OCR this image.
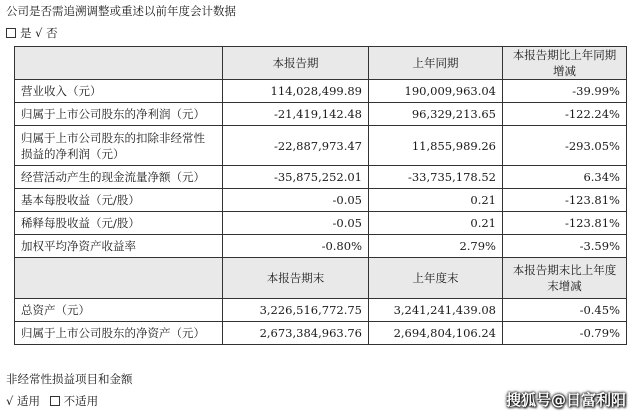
公司是否需追溯调整或重述以前年度会计数据
是 √ 否
	本报告期	上年同期	本报告期比上年同期增减
营业收入（元）	114,028,499.89	190,009,963.04	-39.99%
归属于上市公司股东的净利润（元）	-21,419,142.48	96,329,213.65	-122.24%
归属于上市公司股东的扣除非经常性损益的净利润（元）	-22,887,973.47	11,855,989.26	-293.05%
经营活动产生的现金流量净额（元）	-35,875,252.01	-33,735,178.52	6.34%
基本每股收益（元/股）	-0.05	0.21	-123.81%
稀释每股收益（元/股）	-0.05	0.21	-123.81%
加权平均净资产收益率	-0.80%	2.79%	-3.59%
	本报告期末	上年度末	本报告期末比上年度末增减
总资产（元）	3,226,516,772.75	3,241,241,439.08	-0.45%
归属于上市公司股东的净资产（元）	2,673,384,963.76	2,694,804,106.24	-0.79%
非经常性损益项目和金额
√ 适用 不适用	搜狐号@日富利阳
